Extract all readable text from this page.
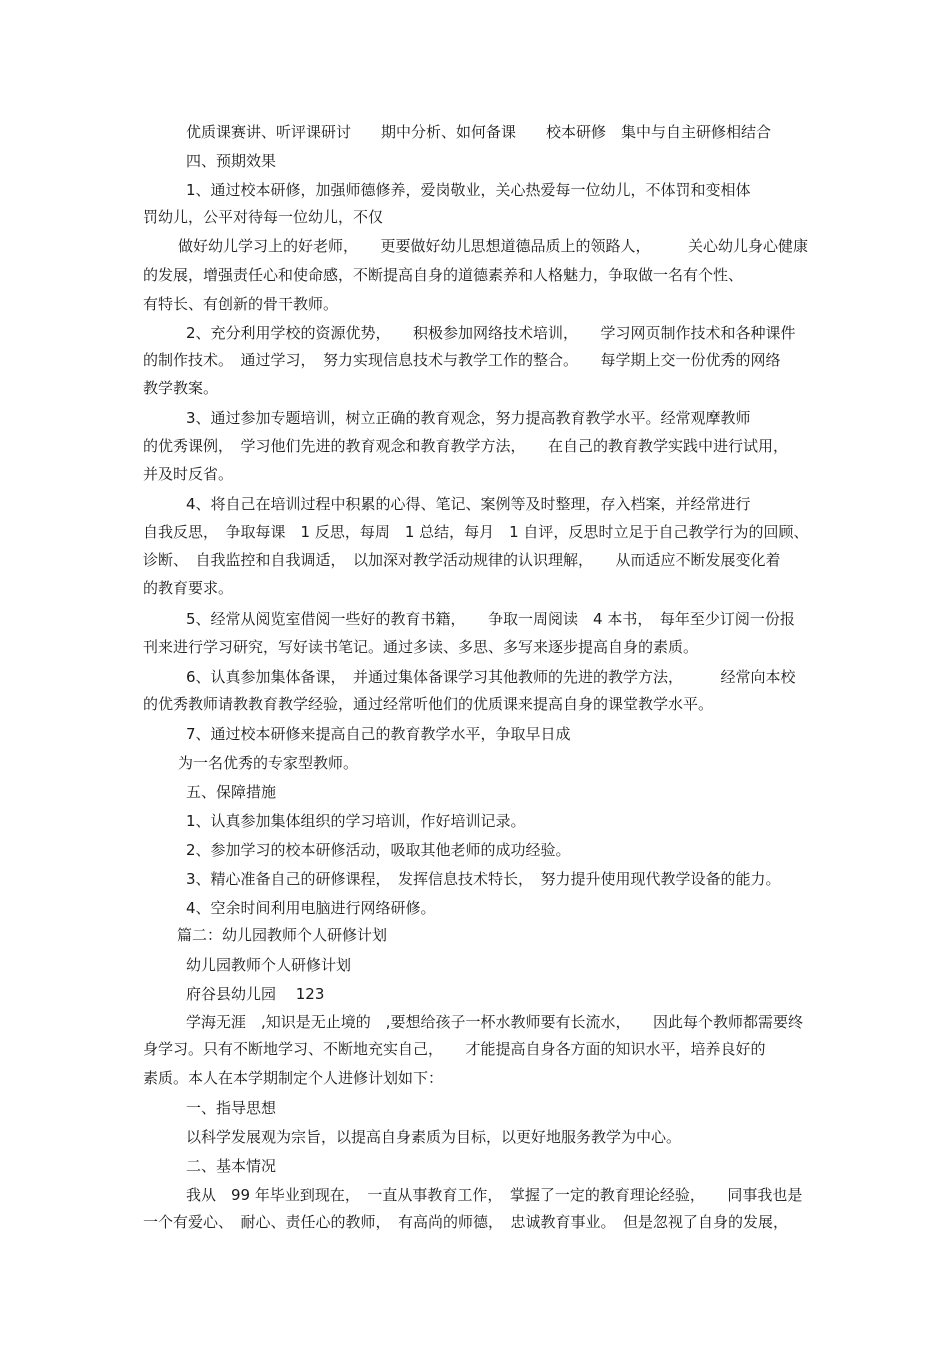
优质课赛讲、听评课研讨　　期中分析、如何备课　　校本研修　集中与自主研修相结合
四、预期效果
1、通过校本研修，加强师德修养，爱岗敬业，关心热爱每一位幼儿，不体罚和变相体
罚幼儿，公平对待每一位幼儿，不仅
做好幼儿学习上的好老师，　　更要做好幼儿思想道德品质上的领路人，　　　关心幼儿身心健康
的发展，增强责任心和使命感，不断提高自身的道德素养和人格魅力，争取做一名有个性、
有特长、有创新的骨干教师。
2、充分利用学校的资源优势，　　积极参加网络技术培训，　　学习网页制作技术和各种课件
的制作技术。　通过学习，　努力实现信息技术与教学工作的整合。　　每学期上交一份优秀的网络
教学教案。
3、通过参加专题培训，树立正确的教育观念，努力提高教育教学水平。经常观摩教师
的优秀课例，　学习他们先进的教育观念和教育教学方法，　　在自己的教育教学实践中进行试用，
并及时反省。
4、将自己在培训过程中积累的心得、笔记、案例等及时整理，存入档案，并经常进行
自我反思，　争取每课　1 反思，每周　1 总结，每月　1 自评，反思时立足于自己教学行为的回顾、
诊断、　自我监控和自我调适，　以加深对教学活动规律的认识理解，　　从而适应不断发展变化着
的教育要求。
5、经常从阅览室借阅一些好的教育书籍，　　争取一周阅读　4 本书，　每年至少订阅一份报
刊来进行学习研究，写好读书笔记。通过多读、多思、多写来逐步提高自身的素质。
6、认真参加集体备课，　并通过集体备课学习其他教师的先进的教学方法，　　　经常向本校
的优秀教师请教教育教学经验，通过经常听他们的优质课来提高自身的课堂教学水平。
7、通过校本研修来提高自己的教育教学水平，争取早日成
为一名优秀的专家型教师。
五、保障措施
1、认真参加集体组织的学习培训，作好培训记录。
2、参加学习的校本研修活动，吸取其他老师的成功经验。
3、精心准备自己的研修课程，　发挥信息技术特长，　努力提升使用现代教学设备的能力。
4、空余时间利用电脑进行网络研修。
篇二：幼儿园教师个人研修计划
幼儿园教师个人研修计划
府谷县幼儿园　 123
学海无涯　,知识是无止境的　,要想给孩子一杯水教师要有长流水，　　因此每个教师都需要终
身学习。只有不断地学习、不断地充实自己，　　才能提高自身各方面的知识水平，培养良好的
素质。本人在本学期制定个人进修计划如下：
一、指导思想
以科学发展观为宗旨，以提高自身素质为目标，以更好地服务教学为中心。
二、基本情况
我从　99 年毕业到现在，　一直从事教育工作，　掌握了一定的教育理论经验，　　同事我也是
一个有爱心、　耐心、责任心的教师，　有高尚的师德，　忠诚教育事业。　但是忽视了自身的发展，
